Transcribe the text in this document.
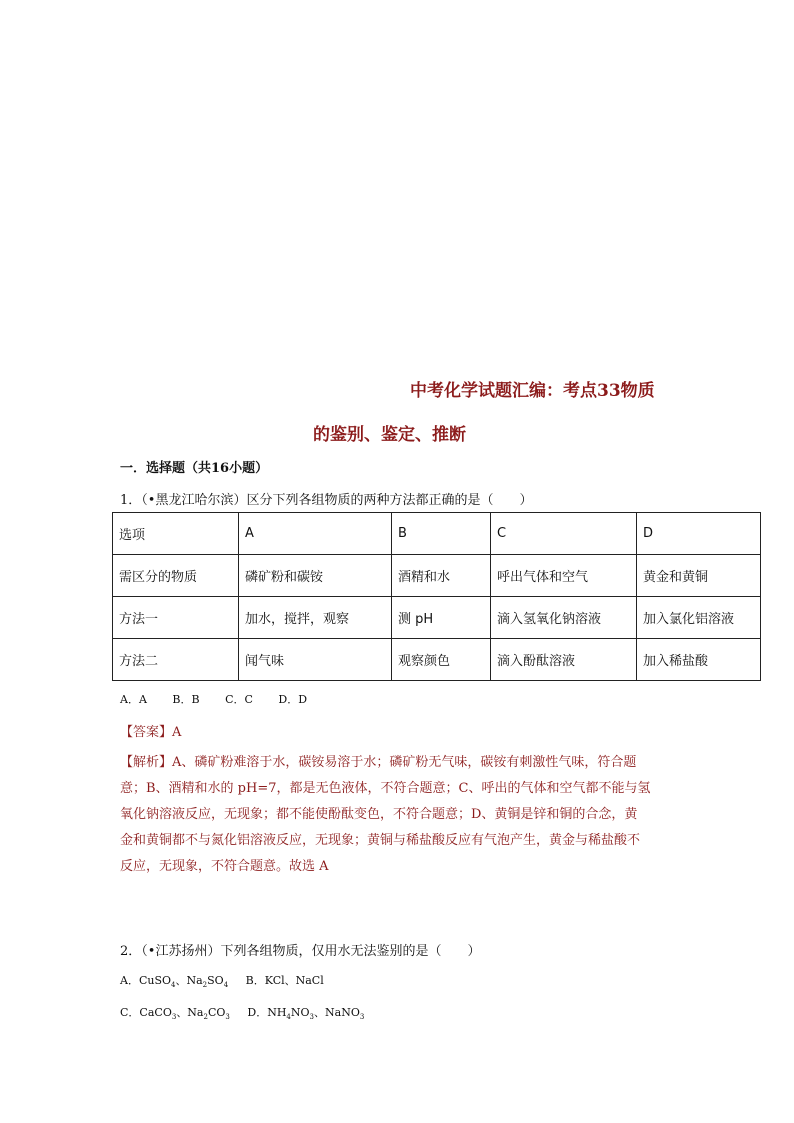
中考化学试题汇编：考点33物质
的鉴别、鉴定、推断
一．选择题（共16小题）
1．（•黑龙江哈尔滨）区分下列各组物质的两种方法都正确的是（　　）
选项	A	B	C	D
需区分的物质	磷矿粉和碳铵	酒精和水	呼出气体和空气	黄金和黄铜
方法一	加水，搅拌，观察	测 pH	滴入氢氧化钠溶液	加入氯化铝溶液
方法二	闻气味	观察颜色	滴入酚酞溶液	加入稀盐酸
A．A B．B C．C D．D
【答案】A
【解析】A、磷矿粉难溶于水，碳铵易溶于水；磷矿粉无气味，碳铵有刺激性气味，符合题
意；B、酒精和水的 pH=7，都是无色液体，不符合题意；C、呼出的气体和空气都不能与氢
氧化钠溶液反应，无现象；都不能使酚酞变色，不符合题意；D、黄铜是锌和铜的合念，黄
金和黄铜都不与氮化铝溶液反应，无现象；黄铜与稀盐酸反应有气泡产生，黄金与稀盐酸不
反应，无现象，不符合题意。故选 A
2．（•江苏扬州）下列各组物质，仅用水无法鉴别的是（　　）
A．CuSO$_4$、$Na_2SO_4$ B．KCl、NaCl
C．CaCO$_3$、$Na_2CO_3$ D．$NH_4NO_3$、NaNO$_3$
